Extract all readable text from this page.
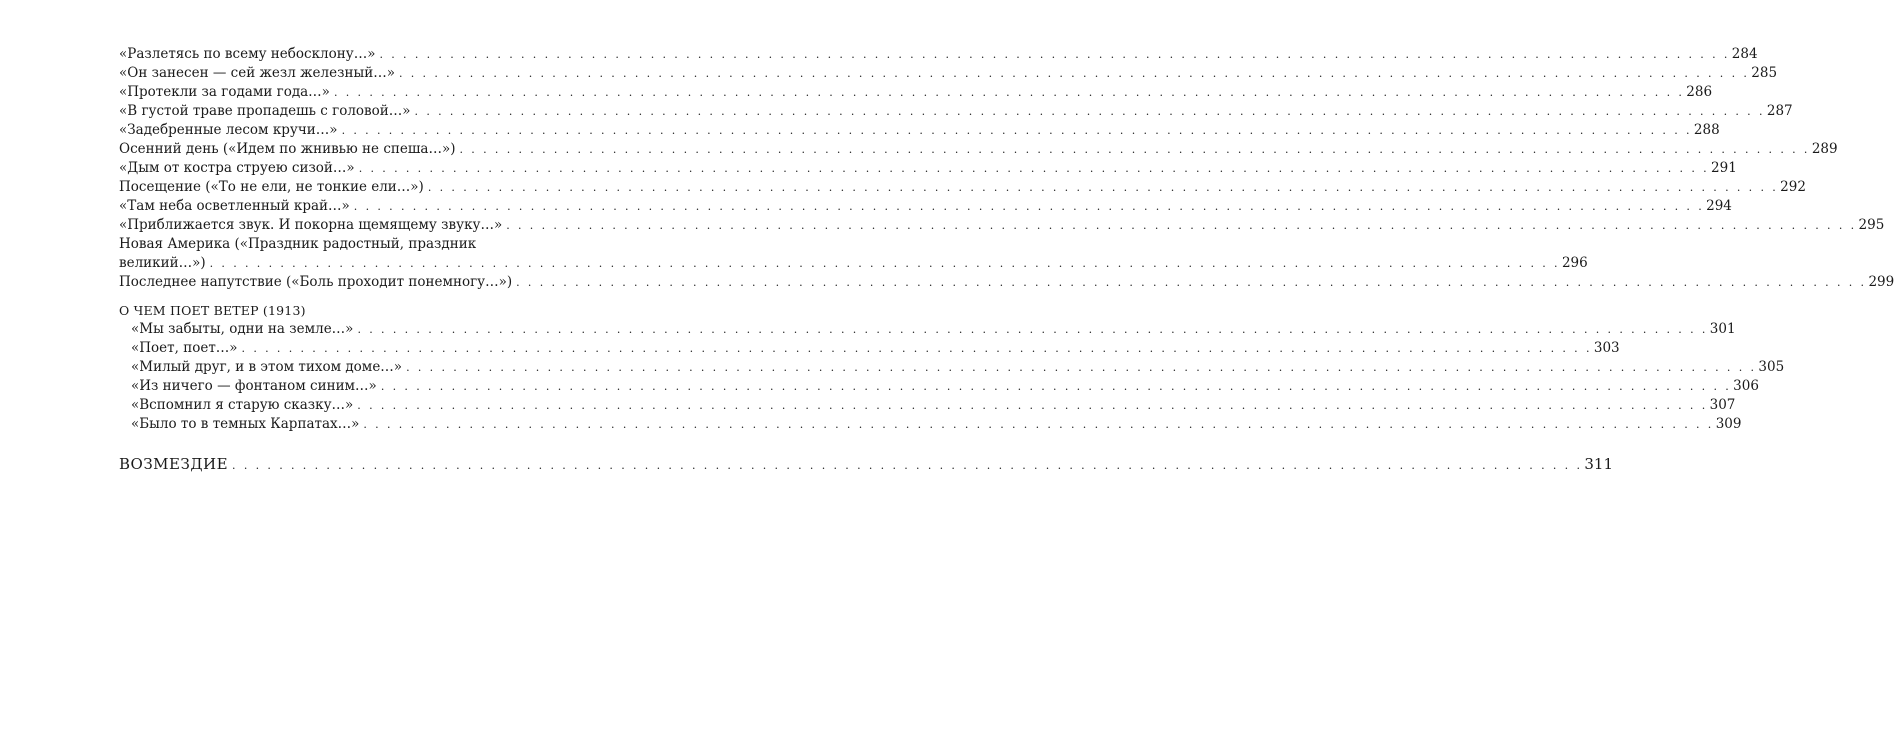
«Разлетясь по всему небосклону…» . . .	284
«Он занесен — сей жезл железный…» . . .	285
«Протекли за годами года…» . . .	286
«В густой траве пропадешь с головой…» . . .	287
«Задебренные лесом кручи…» . . .	288
Осенний день («Идем по жнивью не спеша…») . . .	289
«Дым от костра струею сизой…» . . .	291
Посещение («То не ели, не тонкие ели…») . . .	292
«Там неба осветленный край…» . . .	294
«Приближается звук. И покорна щемящему звуку…» . . .	295
Новая Америка («Праздник радостный, праздник
великий…») . . .	296
Последнее напутствие («Боль проходит понемногу…») . . .	299
О ЧЕМ ПОЕТ ВЕТЕР (1913)
«Мы забыты, одни на земле…» . . .	301
«Поет, поет…» . . .	303
«Милый друг, и в этом тихом доме…» . . .	305
«Из ничего — фонтаном синим…» . . .	306
«Вспомнил я старую сказку…» . . .	307
«Было то в темных Карпатах…» . . .	309
ВОЗМЕЗДИЕ . . .	311
